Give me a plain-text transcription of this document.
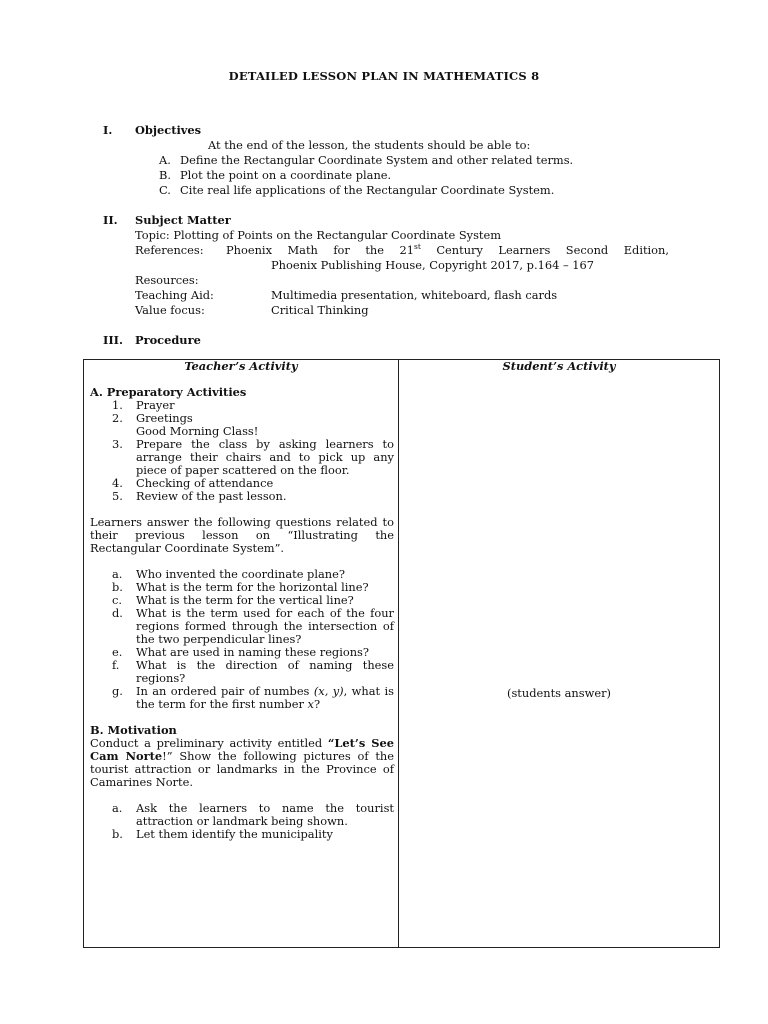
DETAILED LESSON PLAN IN MATHEMATICS 8
I. Objectives
At the end of the lesson, the students should be able to:
A. Define the Rectangular Coordinate System and other related terms.
B. Plot the point on a coordinate plane.
C. Cite real life applications of the Rectangular Coordinate System.
II. Subject Matter
Topic: Plotting of Points on the Rectangular Coordinate System
References: Phoenix Math for the 21st Century Learners Second Edition,
Phoenix Publishing House, Copyright 2017, p.164 – 167
Resources:
Teaching Aid:	Multimedia presentation, whiteboard, flash cards
Value focus:	Critical Thinking
III. Procedure
Teacher’s Activity	Student’s Activity

A. Preparatory Activities

1. Prayer

2. Greetings

Good Morning Class!

3. Prepare the class by asking learners to arrange their chairs and to pick up any piece of paper scattered on the floor.

4. Checking of attendance

5. Review of the past lesson.

Learners answer the following questions related to their previous lesson on “Illustrating the Rectangular Coordinate System”.

a. Who invented the coordinate plane?

b. What is the term for the horizontal line?

c. What is the term for the vertical line?

d. What is the term used for each of the four regions formed through the intersection of the two perpendicular lines?

e. What are used in naming these regions?

f. What is the direction of naming these regions?

g. In an ordered pair of numbes (x, y), what is the term for the first number x?

B. Motivation

Conduct a preliminary activity entitled “Let’s See Cam Norte!” Show the following pictures of the tourist attraction or landmarks in the Province of Camarines Norte.

a. Ask the learners to name the tourist attraction or landmark being shown.

b. Let them identify the municipality

(students answer)
